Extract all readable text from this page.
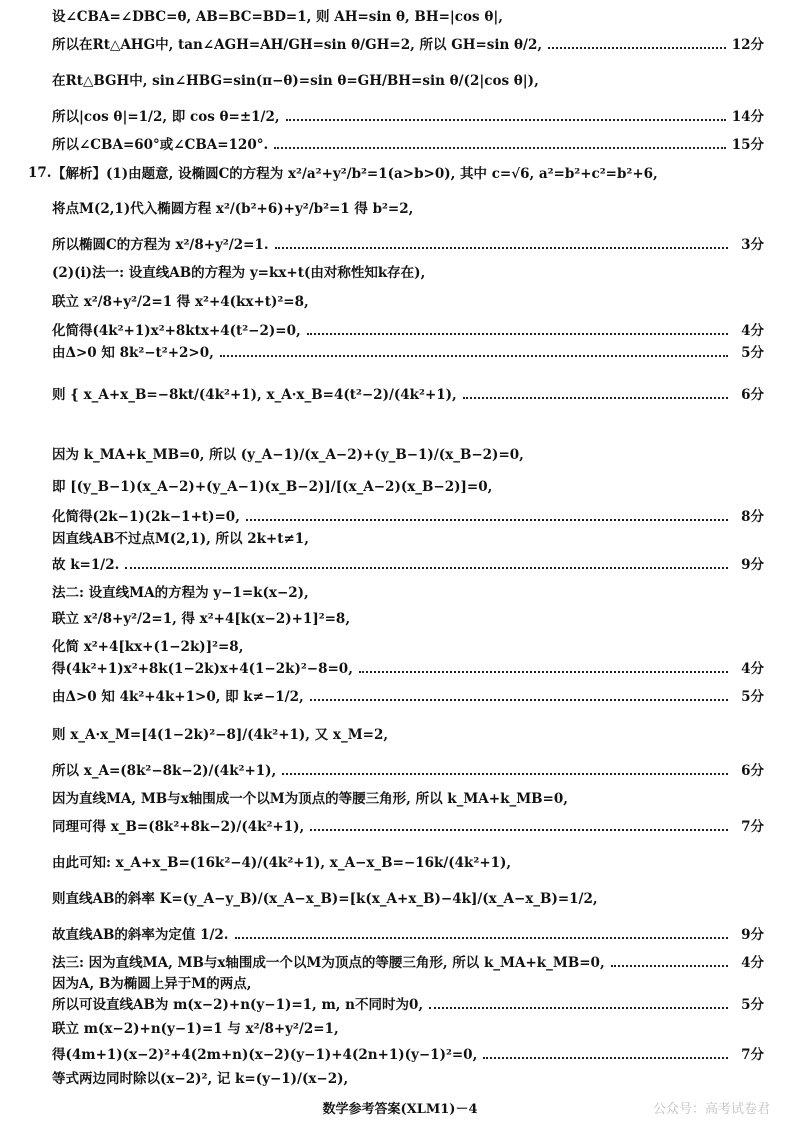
设∠CBA=∠DBC=θ, AB=BC=BD=1, 则 AH=sin θ, BH=|cos θ|,
所以在Rt△AHG中, tan∠AGH=AH/GH=sin θ/GH=2, 所以 GH=sin θ/2,	12分
在Rt△BGH中, sin∠HBG=sin(π−θ)=sin θ=GH/BH=sin θ/(2|cos θ|),
所以|cos θ|=1/2, 即 cos θ=±1/2,	14分
所以∠CBA=60°或∠CBA=120°.	15分
17. 【解析】(1)由题意, 设椭圆C的方程为 x²/a²+y²/b²=1(a>b>0), 其中 c=√6, a²=b²+c²=b²+6,
将点M(2,1)代入椭圆方程 x²/(b²+6)+y²/b²=1 得 b²=2,
所以椭圆C的方程为 x²/8+y²/2=1.	3分
(2)(ⅰ)法一: 设直线AB的方程为 y=kx+t(由对称性知k存在),
联立 x²/8+y²/2=1 得 x²+4(kx+t)²=8,
化简得(4k²+1)x²+8ktx+4(t²−2)=0,	4分
由Δ>0 知 8k²−t²+2>0,	5分
则 { x_A+x_B=−8kt/(4k²+1), x_A·x_B=4(t²−2)/(4k²+1),	6分
因为 k_MA+k_MB=0, 所以 (y_A−1)/(x_A−2)+(y_B−1)/(x_B−2)=0,
即 [(y_B−1)(x_A−2)+(y_A−1)(x_B−2)]/[(x_A−2)(x_B−2)]=0,
化简得(2k−1)(2k−1+t)=0,	8分
因直线AB不过点M(2,1), 所以 2k+t≠1,
故 k=1/2.	9分
法二: 设直线MA的方程为 y−1=k(x−2),
联立 x²/8+y²/2=1, 得 x²+4[k(x−2)+1]²=8,
化简 x²+4[kx+(1−2k)]²=8,
得(4k²+1)x²+8k(1−2k)x+4(1−2k)²−8=0,	4分
由Δ>0 知 4k²+4k+1>0, 即 k≠−1/2,	5分
则 x_A·x_M=[4(1−2k)²−8]/(4k²+1), 又 x_M=2,
所以 x_A=(8k²−8k−2)/(4k²+1),	6分
因为直线MA, MB与x轴围成一个以M为顶点的等腰三角形, 所以 k_MA+k_MB=0,
同理可得 x_B=(8k²+8k−2)/(4k²+1),	7分
由此可知: x_A+x_B=(16k²−4)/(4k²+1), x_A−x_B=−16k/(4k²+1),
则直线AB的斜率 K=(y_A−y_B)/(x_A−x_B)=[k(x_A+x_B)−4k]/(x_A−x_B)=1/2,
故直线AB的斜率为定值 1/2.	9分
法三: 因为直线MA, MB与x轴围成一个以M为顶点的等腰三角形, 所以 k_MA+k_MB=0,	4分
因为A, B为椭圆上异于M的两点,
所以可设直线AB为 m(x−2)+n(y−1)=1, m, n不同时为0,	5分
联立 m(x−2)+n(y−1)=1 与 x²/8+y²/2=1,
得(4m+1)(x−2)²+4(2m+n)(x−2)(y−1)+4(2n+1)(y−1)²=0,	7分
等式两边同时除以(x−2)², 记 k=(y−1)/(x−2),
数学参考答案(XLM1)－4	公众号：高考试卷君
